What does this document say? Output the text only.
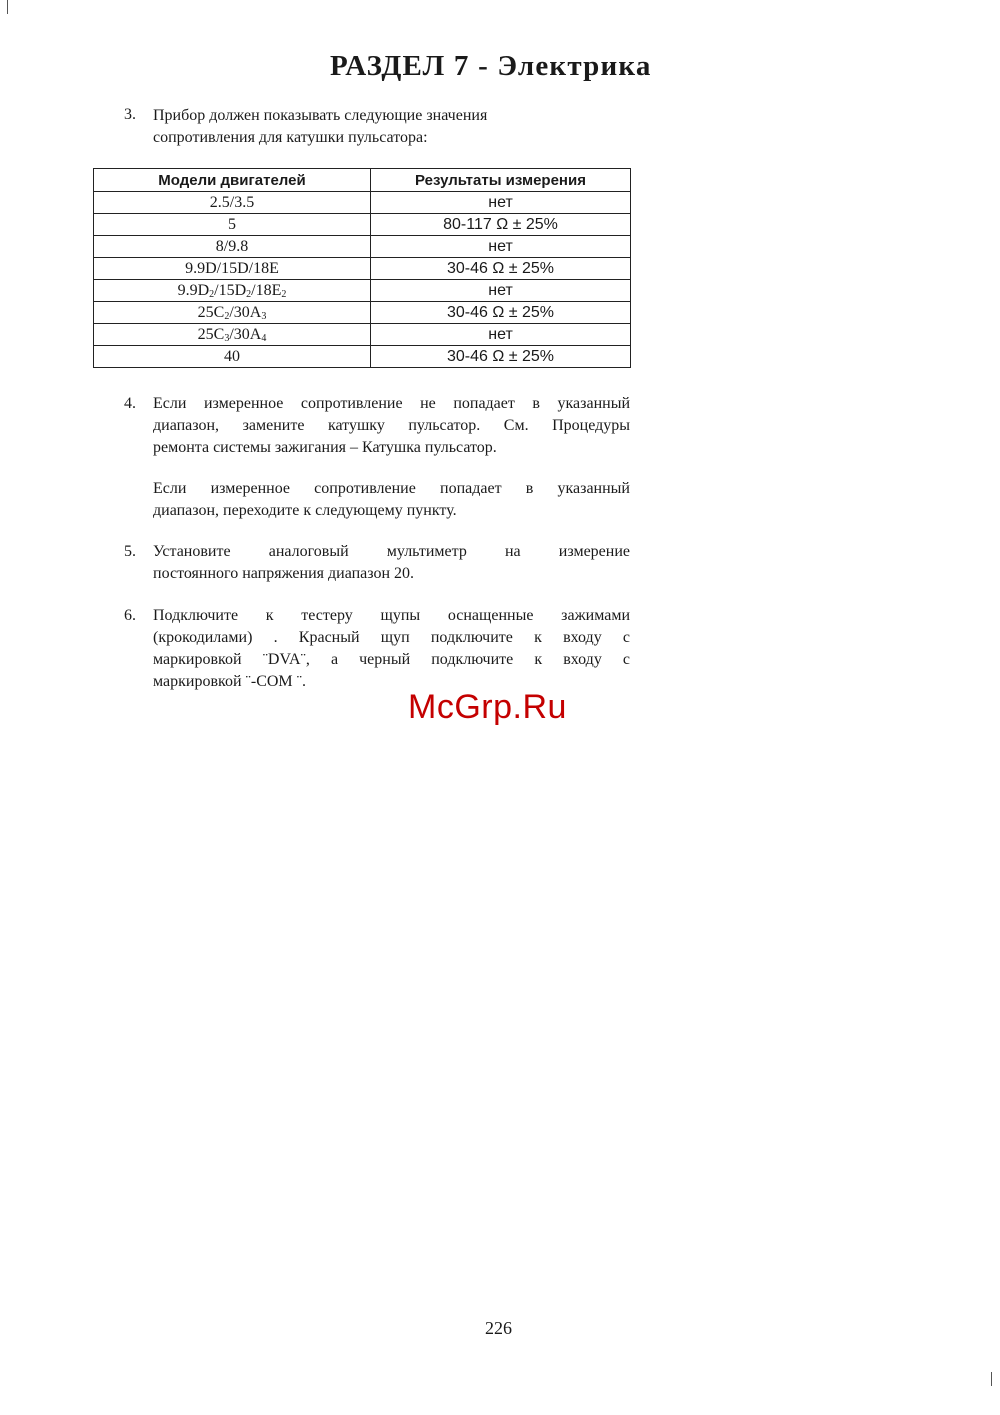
РАЗДЕЛ 7 - Электрика
3. Прибор должен показывать следующие значения
сопротивления для катушки пульсатора:
Модели двигателей	Результаты измерения
2.5/3.5	нет
5	80-117 Ω ± 25%
8/9.8	нет
9.9D/15D/18E	30-46 Ω ± 25%
$9.9D_2/15D_2/18E_2$	нет
$25C_2/30A_3$	30-46 Ω ± 25%
$25C_3/30A_4$	нет
40	30-46 Ω ± 25%
4. Если измеренное сопротивление не попадает в указанный
диапазон, замените катушку пульсатор. См. Процедуры
ремонта системы зажигания – Катушка пульсатор.
Если измеренное сопротивление попадает в указанный
диапазон, переходите к следующему пункту.
5. Установите аналоговый мультиметр на измерение
постоянного напряжения диапазон 20.
6. Подключите к тестеру щупы оснащенные зажимами
(крокодилами) . Красный щуп подключите к входу с
маркировкой ¨DVA¨, а черный подключите к входу с
маркировкой ¨-COM ¨.
McGrp.Ru
226
